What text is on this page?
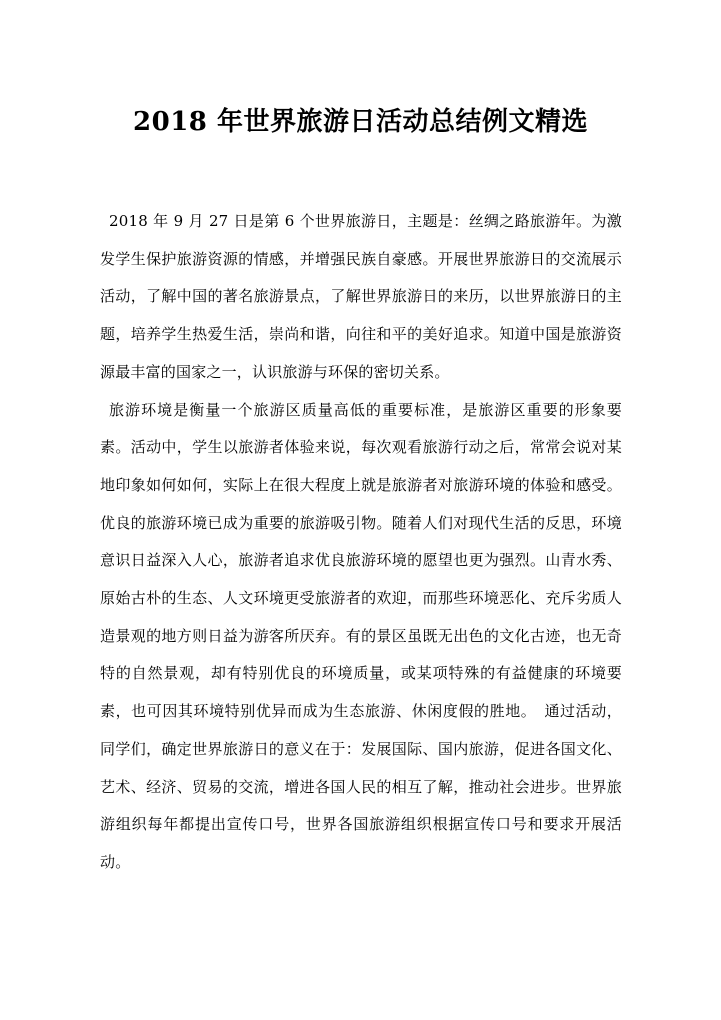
2018 年世界旅游日活动总结例文精选

2018 年 9 月 27 日是第 6 个世界旅游日，主题是：丝绸之路旅游年。为激发学生保护旅游资源的情感，并增强民族自豪感。开展世界旅游日的交流展示活动，了解中国的著名旅游景点，了解世界旅游日的来历，以世界旅游日的主题，培养学生热爱生活，崇尚和谐，向往和平的美好追求。知道中国是旅游资源最丰富的国家之一，认识旅游与环保的密切关系。

旅游环境是衡量一个旅游区质量高低的重要标准，是旅游区重要的形象要素。活动中，学生以旅游者体验来说，每次观看旅游行动之后，常常会说对某地印象如何如何，实际上在很大程度上就是旅游者对旅游环境的体验和感受。优良的旅游环境已成为重要的旅游吸引物。随着人们对现代生活的反思，环境意识日益深入人心，旅游者追求优良旅游环境的愿望也更为强烈。山青水秀、原始古朴的生态、人文环境更受旅游者的欢迎，而那些环境恶化、充斥劣质人造景观的地方则日益为游客所厌弃。有的景区虽既无出色的文化古迹，也无奇特的自然景观，却有特别优良的环境质量，或某项特殊的有益健康的环境要素，也可因其环境特别优异而成为生态旅游、休闲度假的胜地。　通过活动，同学们，确定世界旅游日的意义在于：发展国际、国内旅游，促进各国文化、艺术、经济、贸易的交流，增进各国人民的相互了解，推动社会进步。世界旅游组织每年都提出宣传口号，世界各国旅游组织根据宣传口号和要求开展活动。
